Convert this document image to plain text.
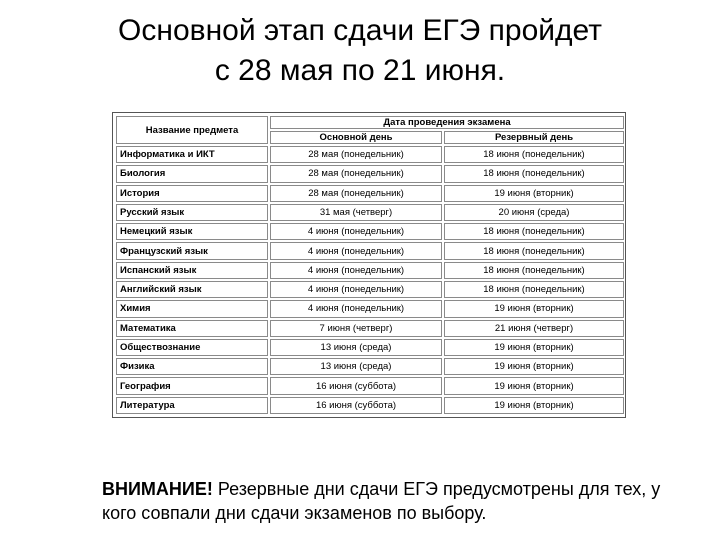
Основной этап сдачи ЕГЭ пройдет
с 28 мая по 21 июня.
Название предмета	Дата проведения экзамена	
	Основной день	Резервный день
Информатика и ИКТ	28 мая (понедельник)	18 июня (понедельник)
Биология	28 мая (понедельник)	18 июня (понедельник)
История	28 мая (понедельник)	19 июня (вторник)
Русский язык	31 мая (четверг)	20 июня (среда)
Немецкий язык	4 июня (понедельник)	18 июня (понедельник)
Французский язык	4 июня (понедельник)	18 июня (понедельник)
Испанский язык	4 июня (понедельник)	18 июня (понедельник)
Английский язык	4 июня (понедельник)	18 июня (понедельник)
Химия	4 июня (понедельник)	19 июня (вторник)
Математика	7 июня (четверг)	21 июня (четверг)
Обществознание	13 июня (среда)	19 июня (вторник)
Физика	13 июня (среда)	19 июня (вторник)
География	16 июня (суббота)	19 июня (вторник)
Литература	16 июня (суббота)	19 июня (вторник)

ВНИМАНИЕ! Резервные дни сдачи ЕГЭ предусмотрены для тех, у кого совпали дни сдачи экзаменов по выбору.
